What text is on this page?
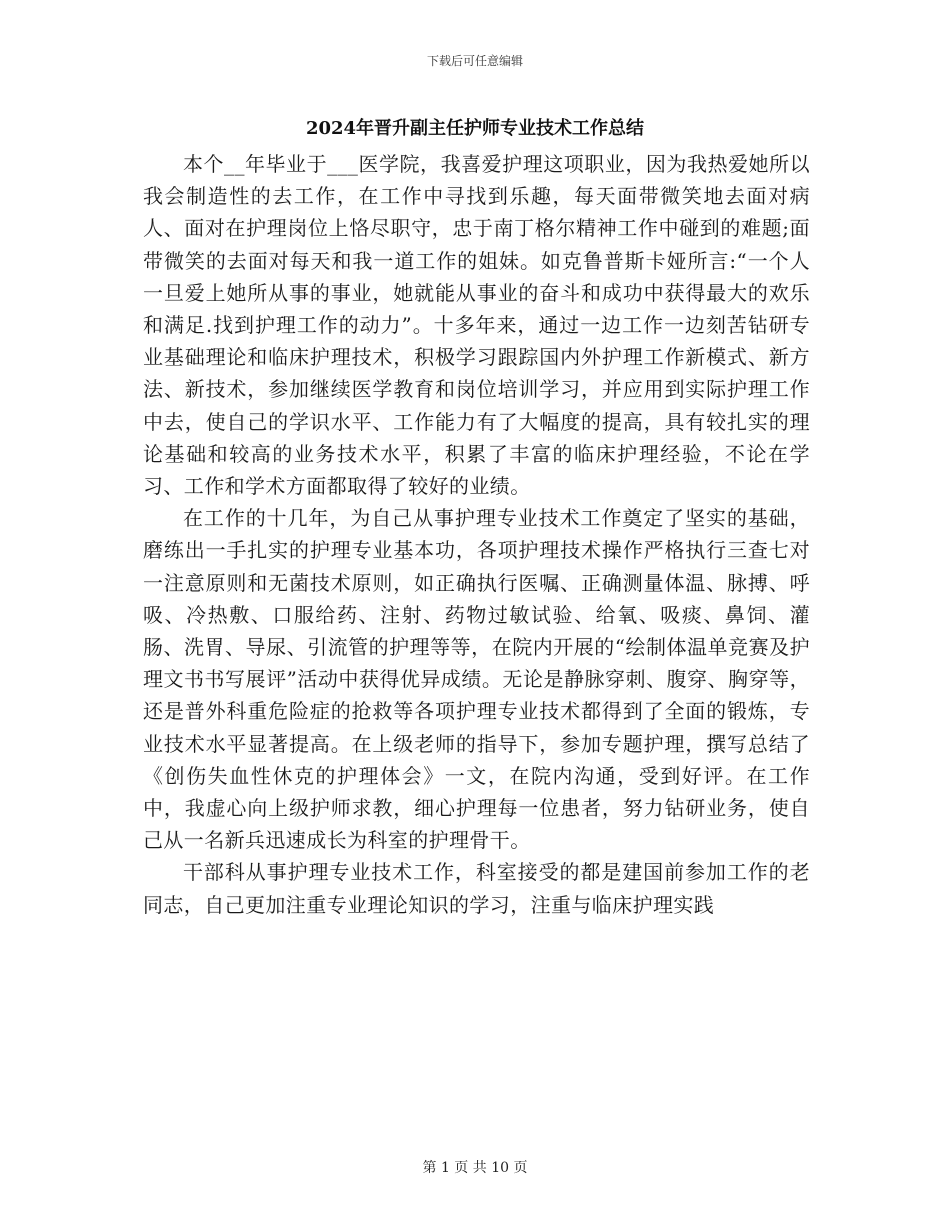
下载后可任意编辑
2024年晋升副主任护师专业技术工作总结

本个__年毕业于___医学院，我喜爱护理这项职业，因为我热爱她所以我会制造性的去工作，在工作中寻找到乐趣，每天面带微笑地去面对病人、面对在护理岗位上恪尽职守，忠于南丁格尔精神工作中碰到的难题;面带微笑的去面对每天和我一道工作的姐妹。如克鲁普斯卡娅所言:“一个人一旦爱上她所从事的事业，她就能从事业的奋斗和成功中获得最大的欢乐和满足.找到护理工作的动力”。十多年来，通过一边工作一边刻苦钻研专业基础理论和临床护理技术，积极学习跟踪国内外护理工作新模式、新方法、新技术，参加继续医学教育和岗位培训学习，并应用到实际护理工作中去，使自己的学识水平、工作能力有了大幅度的提高，具有较扎实的理论基础和较高的业务技术水平，积累了丰富的临床护理经验，不论在学习、工作和学术方面都取得了较好的业绩。

在工作的十几年，为自己从事护理专业技术工作奠定了坚实的基础，磨练出一手扎实的护理专业基本功，各项护理技术操作严格执行三查七对一注意原则和无菌技术原则，如正确执行医嘱、正确测量体温、脉搏、呼吸、冷热敷、口服给药、注射、药物过敏试验、给氧、吸痰、鼻饲、灌肠、洗胃、导尿、引流管的护理等等，在院内开展的“绘制体温单竞赛及护理文书书写展评”活动中获得优异成绩。无论是静脉穿刺、腹穿、胸穿等，还是普外科重危险症的抢救等各项护理专业技术都得到了全面的锻炼，专业技术水平显著提高。在上级老师的指导下，参加专题护理，撰写总结了《创伤失血性休克的护理体会》一文，在院内沟通，受到好评。在工作中，我虚心向上级护师求教，细心护理每一位患者，努力钻研业务，使自己从一名新兵迅速成长为科室的护理骨干。

干部科从事护理专业技术工作，科室接受的都是建国前参加工作的老同志，自己更加注重专业理论知识的学习，注重与临床护理实践

第 1 页 共 10 页
